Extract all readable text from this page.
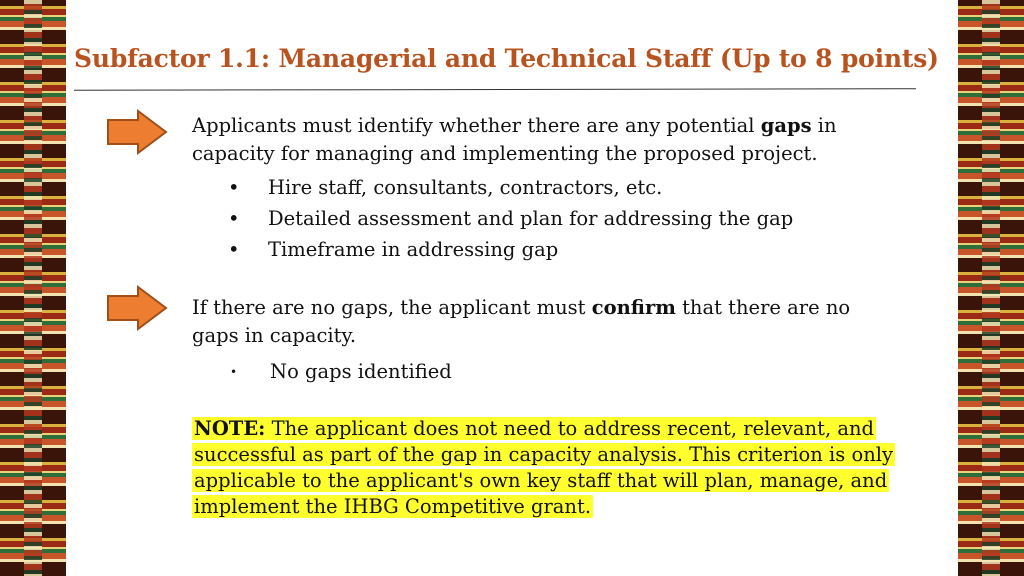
Subfactor 1.1: Managerial and Technical Staff (Up to 8 points)
Applicants must identify whether there are any potential gaps in capacity for managing and implementing the proposed project.
• Hire staff, consultants, contractors, etc.
• Detailed assessment and plan for addressing the gap
• Timeframe in addressing gap
If there are no gaps, the applicant must confirm that there are no gaps in capacity.
• No gaps identified
NOTE: The applicant does not need to address recent, relevant, and successful as part of the gap in capacity analysis. This criterion is only applicable to the applicant's own key staff that will plan, manage, and implement the IHBG Competitive grant.
